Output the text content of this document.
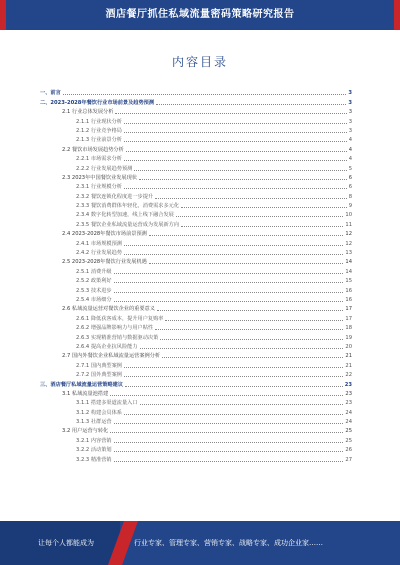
酒店餐厅抓住私域流量密码策略研究报告
内容目录
一、前言	3
二、2023-2028年餐饮行业市场前景及趋势预测	3
2.1 行业总体发展分析	3
2.1.1 行业现状分析	3
2.1.2 行业竞争格局	3
2.1.3 行业前景分析	4
2.2 餐饮市场发展趋势分析	4
2.2.1 市场需求分析	4
2.2.2 行业发展趋势预测	5
2.3 2023年中国餐饮业发展现状	6
2.3.1 行业规模分析	6
2.3.2 餐饮连锁化程度进一步提升	8
2.3.3 餐饮消费群体年轻化，消费需求多元化	9
2.3.4 数字化转型加速，线上线下融合发展	10
2.3.5 餐饮企业私域流量运营成为发展新方向	11
2.4 2023-2028年餐饮市场前景预测	12
2.4.1 市场规模预测	12
2.4.2 行业发展趋势	13
2.5 2023-2028年餐饮行业发展机遇	14
2.5.1 消费升级	14
2.5.2 政策利好	15
2.5.3 技术进步	16
2.5.4 市场细分	16
2.6 私域流量运营对餐饮企业的重要意义	17
2.6.1 降低获客成本，提升用户复购率	17
2.6.2 增强品牌影响力与用户粘性	18
2.6.3 实现精准营销与数据驱动决策	19
2.6.4 提高企业抗风险能力	20
2.7 国内外餐饮企业私域流量运营案例分析	21
2.7.1 国内典型案例	21
2.7.2 国外典型案例	22
三、酒店餐厅私域流量运营策略建议	23
3.1 私域流量池搭建	23
3.1.1 搭建多渠道流量入口	23
3.1.2 构建会员体系	24
3.1.3 社群运营	24
3.2 用户运营与转化	25
3.2.1 内容营销	25
3.2.2 活动策划	26
3.2.3 精准营销	27
让每个人都能成为	行业专家、管理专家、营销专家、战略专家、成功企业家……
